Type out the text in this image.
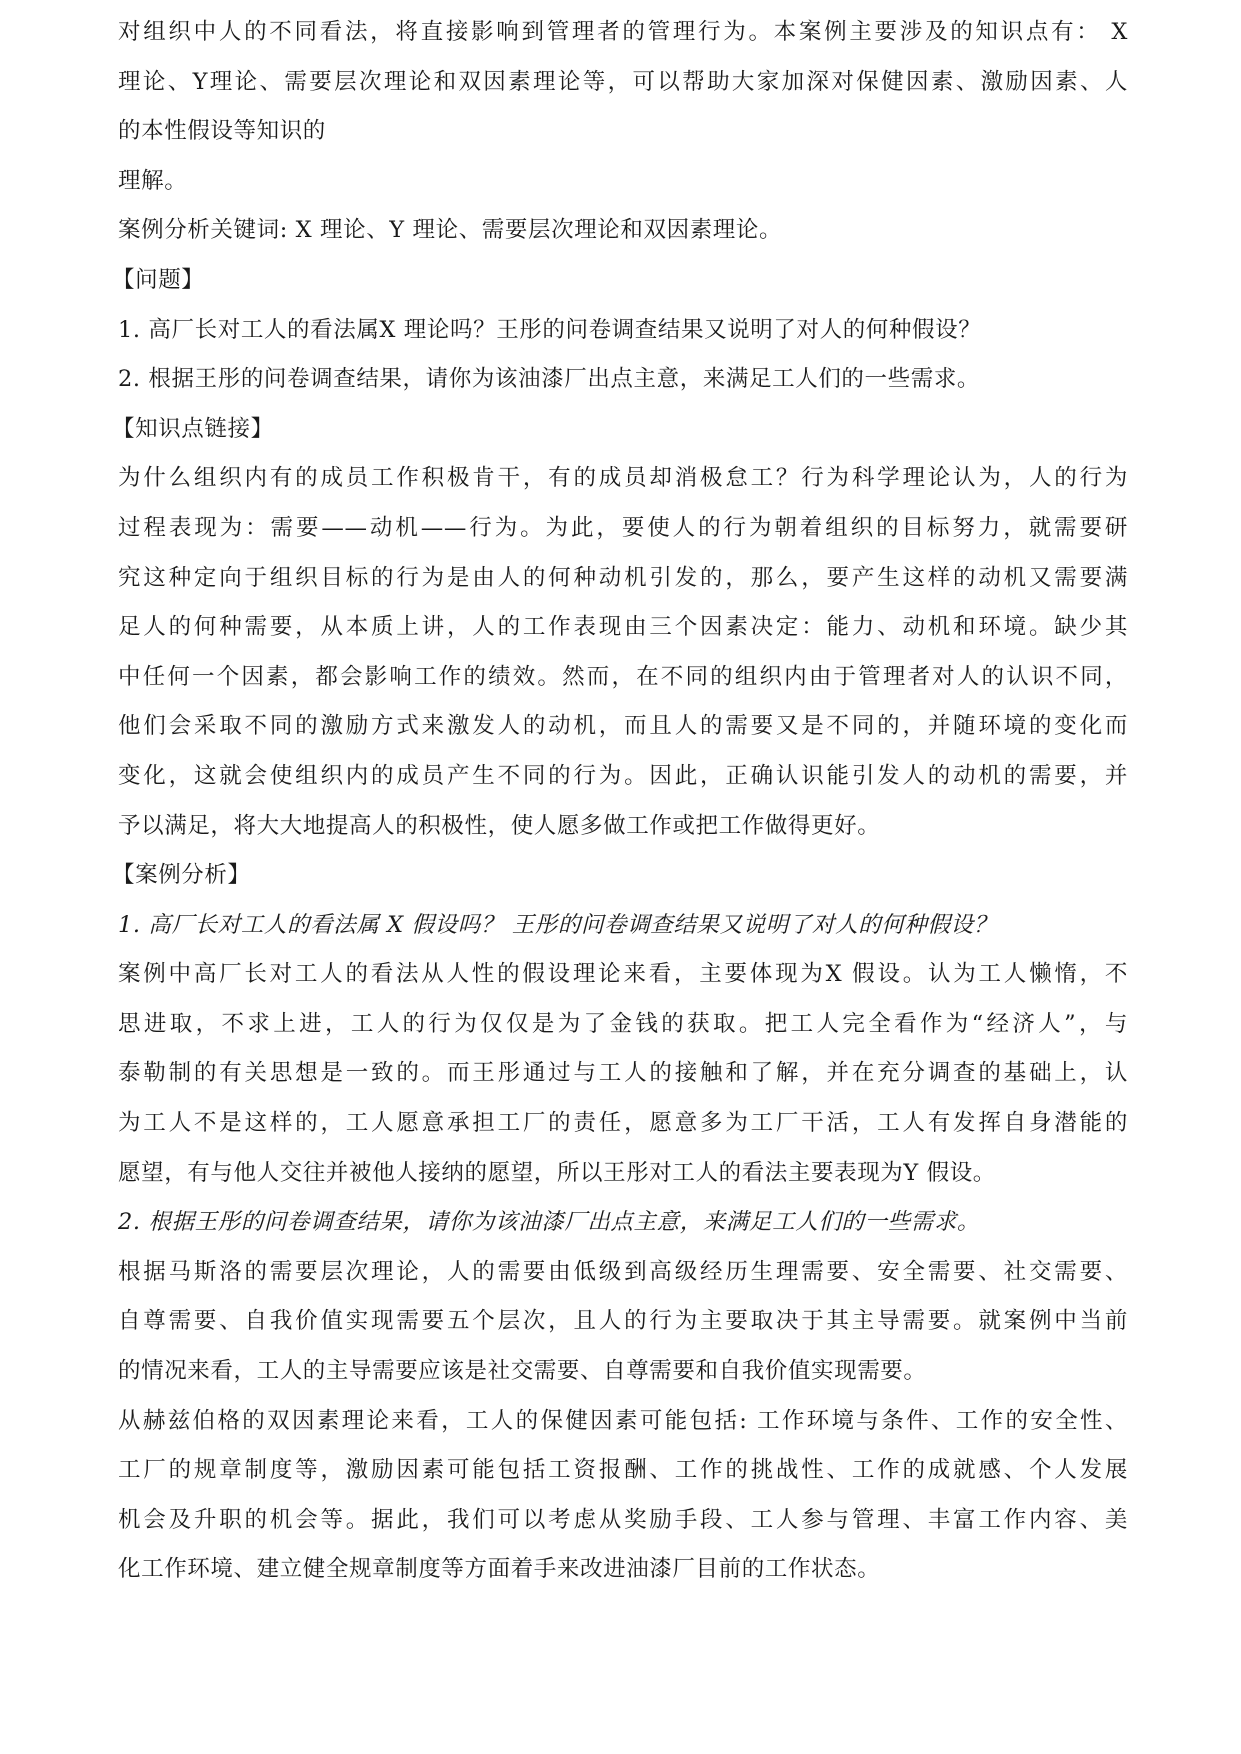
对组织中人的不同看法，将直接影响到管理者的管理行为。本案例主要涉及的知识点有： X
理论、Y理论、需要层次理论和双因素理论等，可以帮助大家加深对保健因素、激励因素、人
的本性假设等知识的
理解。
案例分析关键词: X 理论、Y 理论、需要层次理论和双因素理论。
【问题】
1. 高厂长对工人的看法属X 理论吗？王彤的问卷调查结果又说明了对人的何种假设？
2. 根据王彤的问卷调查结果，请你为该油漆厂出点主意，来满足工人们的一些需求。
【知识点链接】
为什么组织内有的成员工作积极肯干，有的成员却消极怠工？行为科学理论认为，人的行为
过程表现为：需要——动机——行为。为此，要使人的行为朝着组织的目标努力，就需要研
究这种定向于组织目标的行为是由人的何种动机引发的，那么，要产生这样的动机又需要满
足人的何种需要，从本质上讲，人的工作表现由三个因素决定：能力、动机和环境。缺少其
中任何一个因素，都会影响工作的绩效。然而，在不同的组织内由于管理者对人的认识不同，
他们会采取不同的激励方式来激发人的动机，而且人的需要又是不同的，并随环境的变化而
变化，这就会使组织内的成员产生不同的行为。因此，正确认识能引发人的动机的需要，并
予以满足，将大大地提高人的积极性，使人愿多做工作或把工作做得更好。
【案例分析】
1. 高厂长对工人的看法属 X 假设吗？ 王彤的问卷调查结果又说明了对人的何种假设？
案例中高厂长对工人的看法从人性的假设理论来看，主要体现为X 假设。认为工人懒惰，不
思进取，不求上进，工人的行为仅仅是为了金钱的获取。把工人完全看作为“经济人”，与
泰勒制的有关思想是一致的。而王彤通过与工人的接触和了解，并在充分调查的基础上，认
为工人不是这样的，工人愿意承担工厂的责任，愿意多为工厂干活，工人有发挥自身潜能的
愿望，有与他人交往并被他人接纳的愿望，所以王彤对工人的看法主要表现为Y 假设。
2. 根据王彤的问卷调查结果，请你为该油漆厂出点主意，来满足工人们的一些需求。
根据马斯洛的需要层次理论，人的需要由低级到高级经历生理需要、安全需要、社交需要、
自尊需要、自我价值实现需要五个层次，且人的行为主要取决于其主导需要。就案例中当前
的情况来看，工人的主导需要应该是社交需要、自尊需要和自我价值实现需要。
从赫兹伯格的双因素理论来看，工人的保健因素可能包括: 工作环境与条件、工作的安全性、
工厂的规章制度等，激励因素可能包括工资报酬、工作的挑战性、工作的成就感、个人发展
机会及升职的机会等。据此，我们可以考虑从奖励手段、工人参与管理、丰富工作内容、美
化工作环境、建立健全规章制度等方面着手来改进油漆厂目前的工作状态。
